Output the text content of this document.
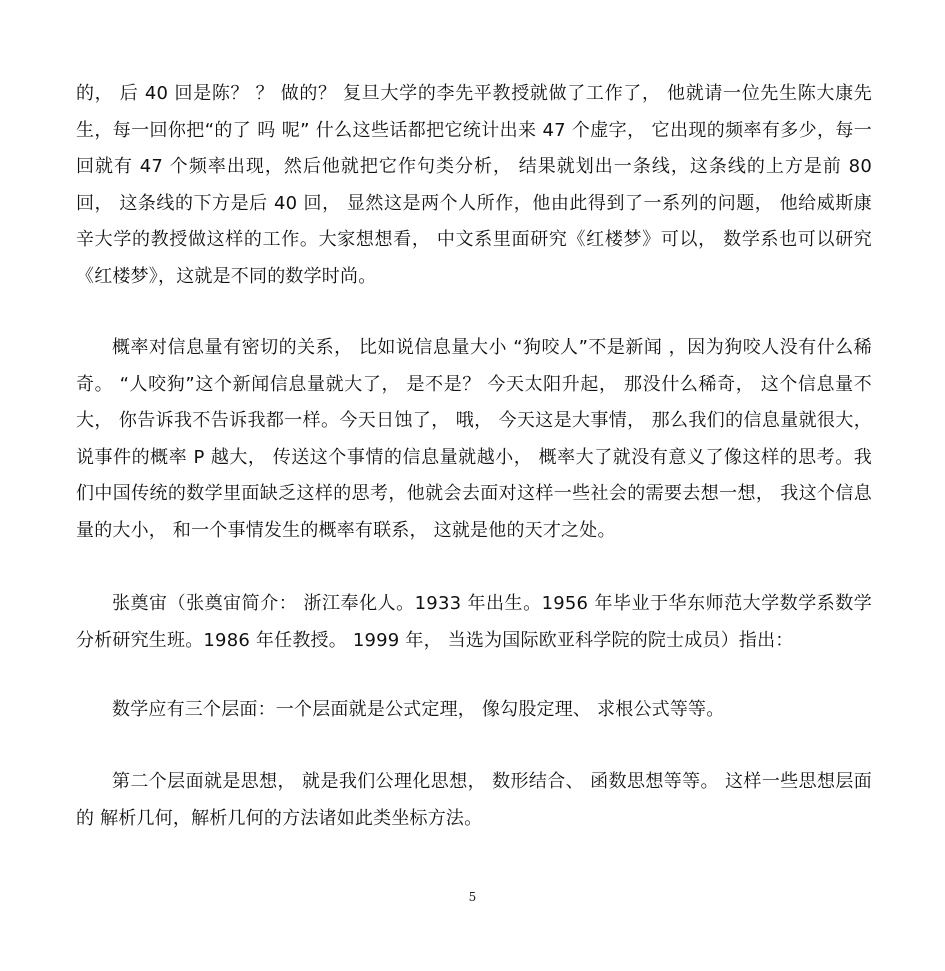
的， 后 40 回是陈？ ？ 做的？ 复旦大学的李先平教授就做了工作了， 他就请一位先生陈大康先生，每一回你把“的了 吗 呢” 什么这些话都把它统计出来 47 个虚字， 它出现的频率有多少，每一回就有 47 个频率出现，然后他就把它作句类分析， 结果就划出一条线，这条线的上方是前 80 回， 这条线的下方是后 40 回， 显然这是两个人所作，他由此得到了一系列的问题， 他给威斯康辛大学的教授做这样的工作。大家想想看， 中文系里面研究《红楼梦》可以， 数学系也可以研究《红楼梦》，这就是不同的数学时尚。

概率对信息量有密切的关系， 比如说信息量大小 “狗咬人”不是新闻 ，因为狗咬人没有什么稀奇。 “人咬狗”这个新闻信息量就大了， 是不是？ 今天太阳升起， 那没什么稀奇， 这个信息量不大， 你告诉我不告诉我都一样。今天日蚀了， 哦， 今天这是大事情， 那么我们的信息量就很大， 说事件的概率 P 越大， 传送这个事情的信息量就越小， 概率大了就没有意义了像这样的思考。我们中国传统的数学里面缺乏这样的思考，他就会去面对这样一些社会的需要去想一想， 我这个信息量的大小， 和一个事情发生的概率有联系， 这就是他的天才之处。

张奠宙（张奠宙简介： 浙江奉化人。1933 年出生。1956 年毕业于华东师范大学数学系数学分析研究生班。1986 年任教授。 1999 年， 当选为国际欧亚科学院的院士成员）指出：

数学应有三个层面：一个层面就是公式定理， 像勾股定理、 求根公式等等。

第二个层面就是思想， 就是我们公理化思想， 数形结合、 函数思想等等。 这样一些思想层面的 解析几何，解析几何的方法诸如此类坐标方法。

5
